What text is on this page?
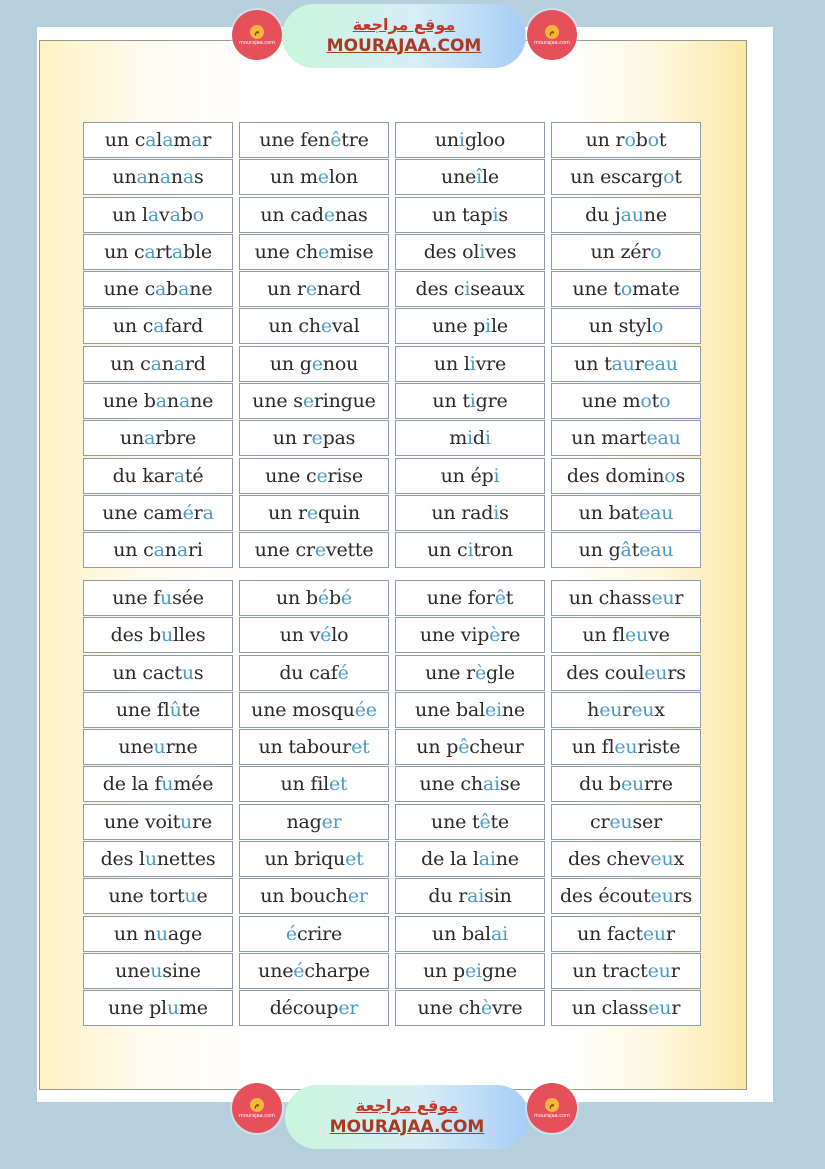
م
mourajaa.com
موقع مراجعة
MOURAJAA.COM
م
mourajaa.com
un c a l a m a r
un a n a n a s
un l a v a b o
un c a rt a ble
une c a b a ne
un c a fard
un c a n a rd
une b a n a ne
un a rbre
du kar a té
une cam é r a
un c a n a ri
une fen ê tre
un m e lon
un cad e nas
une ch e mise
un r e nard
un ch e val
un g e nou
une s e ringue
un r e pas
une c e rise
un r e quin
une cr e vette
un i gloo
une î le
un tap i s
des ol i ves
des c i seaux
une p i le
un l i vre
un t i gre
m i d i
un ép i
un rad i s
un c i tron
un r o b o t
un escarg o t
du j au ne
un zér o
une t o mate
un styl o
un t au r eau
une m o t o
un mart eau
des domin o s
un bat eau
un g â t eau
une f u sée
des b u lles
un cact u s
une fl û te
une u rne
de la f u mée
une voit u re
des l u nettes
une tort u e
un n u age
une u sine
une pl u me
un b é b é
un v é lo
du caf é
une mosqu ée
un tabour et
un fil et
nag er
un briqu et
un bouch er
é crire
une é charpe
découp er
une for ê t
une vip è re
une r è gle
une bal ei ne
un p ê cheur
une ch ai se
une t ê te
de la l ai ne
du r ai sin
un bal ai
un p ei gne
une ch è vre
un chass eu r
un fl eu ve
des coul eu rs
h eu r eu x
un fl eu riste
du b eu rre
cr eu ser
des chev eu x
des écout eu rs
un fact eu r
un tract eu r
un class eu r
م
mourajaa.com
موقع مراجعة
MOURAJAA.COM
م
mourajaa.com
